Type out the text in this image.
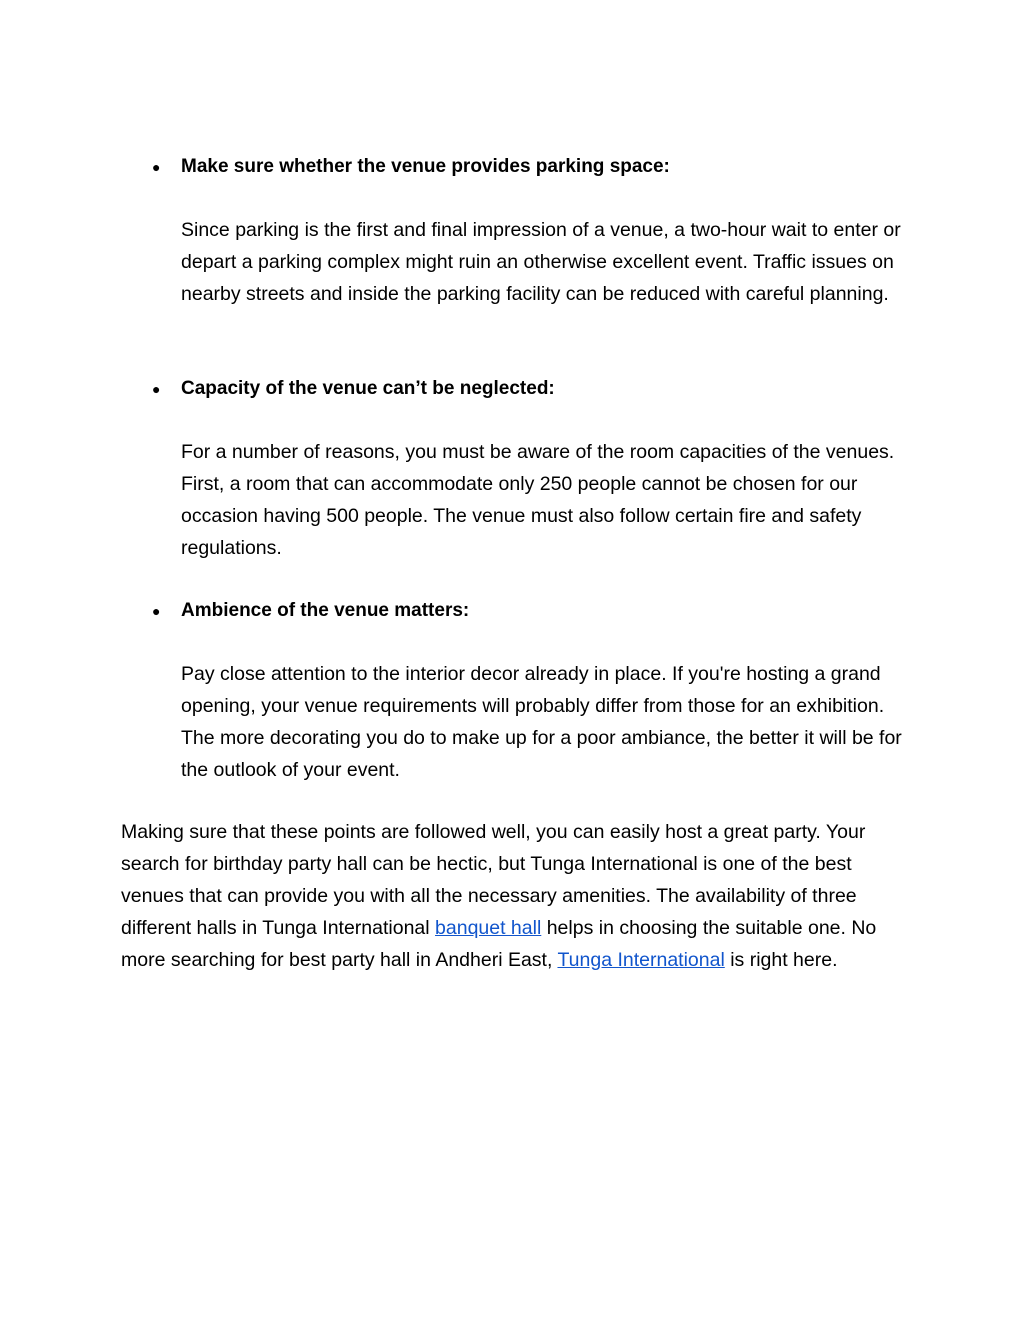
● Make sure whether the venue provides parking space:

Since parking is the first and final impression of a venue, a two-hour wait to enter or depart a parking complex might ruin an otherwise excellent event. Traffic issues on nearby streets and inside the parking facility can be reduced with careful planning.

● Capacity of the venue can’t be neglected:

For a number of reasons, you must be aware of the room capacities of the venues. First, a room that can accommodate only 250 people cannot be chosen for our occasion having 500 people. The venue must also follow certain fire and safety regulations.

● Ambience of the venue matters:

Pay close attention to the interior decor already in place. If you're hosting a grand opening, your venue requirements will probably differ from those for an exhibition. The more decorating you do to make up for a poor ambiance, the better it will be for the outlook of your event.

Making sure that these points are followed well, you can easily host a great party. Your search for birthday party hall can be hectic, but Tunga International is one of the best venues that can provide you with all the necessary amenities. The availability of three different halls in Tunga International banquet hall helps in choosing the suitable one. No more searching for best party hall in Andheri East, Tunga International is right here.
